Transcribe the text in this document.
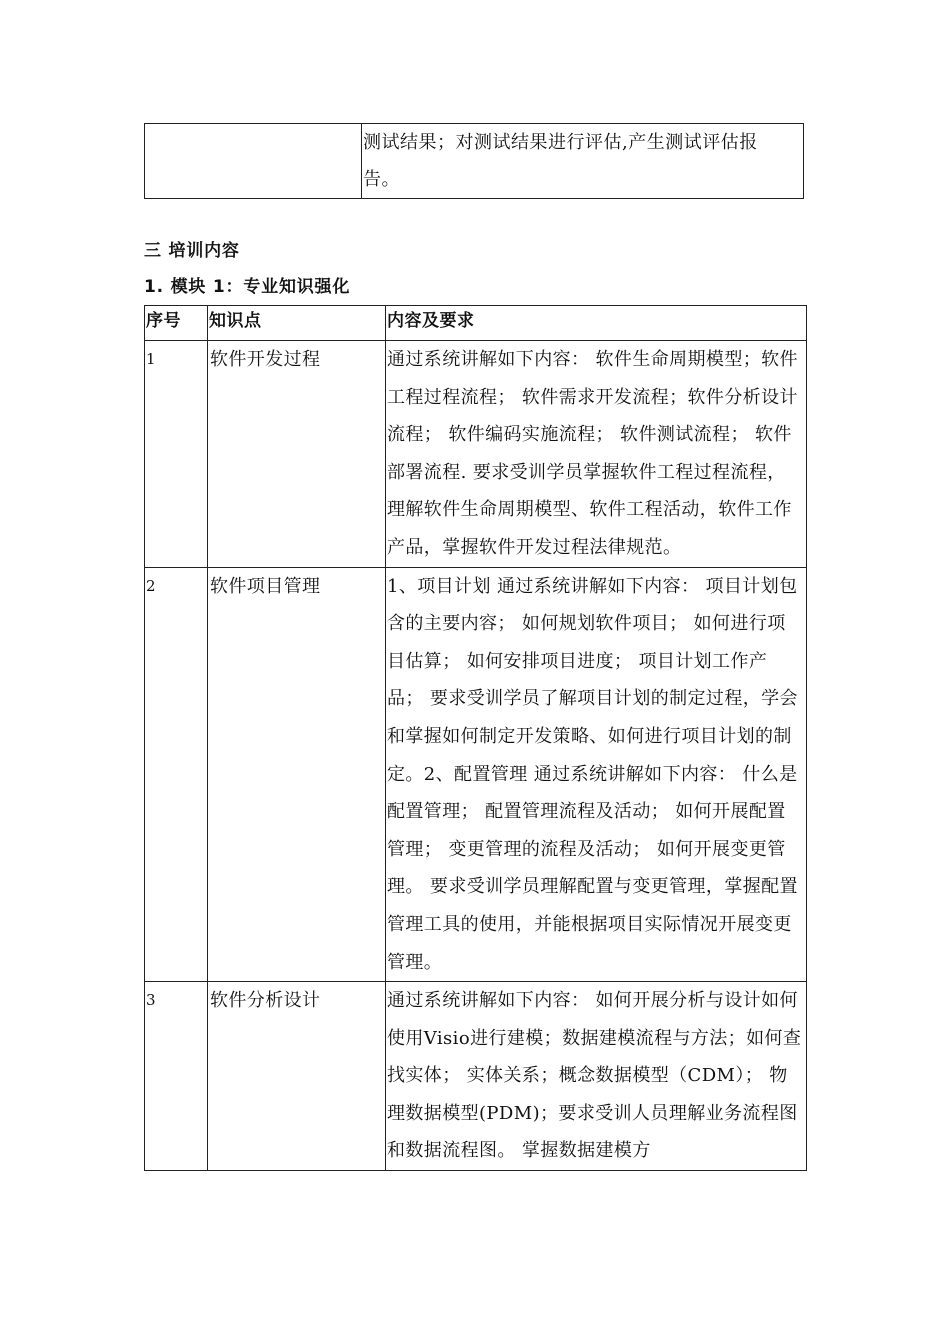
	测试结果；对测试结果进行评估,产生测试评估报告。
三 培训内容
1. 模块 1：专业知识强化
序号	知识点	内容及要求
1	软件开发过程	通过系统讲解如下内容： 软件生命周期模型；软件工程过程流程； 软件需求开发流程；软件分析设计流程； 软件编码实施流程； 软件测试流程； 软件部署流程. 要求受训学员掌握软件工程过程流程，理解软件生命周期模型、软件工程活动，软件工作产品，掌握软件开发过程法律规范。
2	软件项目管理	1、项目计划 通过系统讲解如下内容： 项目计划包含的主要内容； 如何规划软件项目； 如何进行项目估算； 如何安排项目进度； 项目计划工作产品； 要求受训学员了解项目计划的制定过程，学会和掌握如何制定开发策略、如何进行项目计划的制定。2、配置管理 通过系统讲解如下内容： 什么是配置管理； 配置管理流程及活动； 如何开展配置管理； 变更管理的流程及活动； 如何开展变更管理。 要求受训学员理解配置与变更管理，掌握配置管理工具的使用，并能根据项目实际情况开展变更管理。
3	软件分析设计	通过系统讲解如下内容： 如何开展分析与设计如何使用Visio进行建模；数据建模流程与方法；如何查找实体； 实体关系；概念数据模型（CDM）； 物理数据模型(PDM)；要求受训人员理解业务流程图和数据流程图。 掌握数据建模方
